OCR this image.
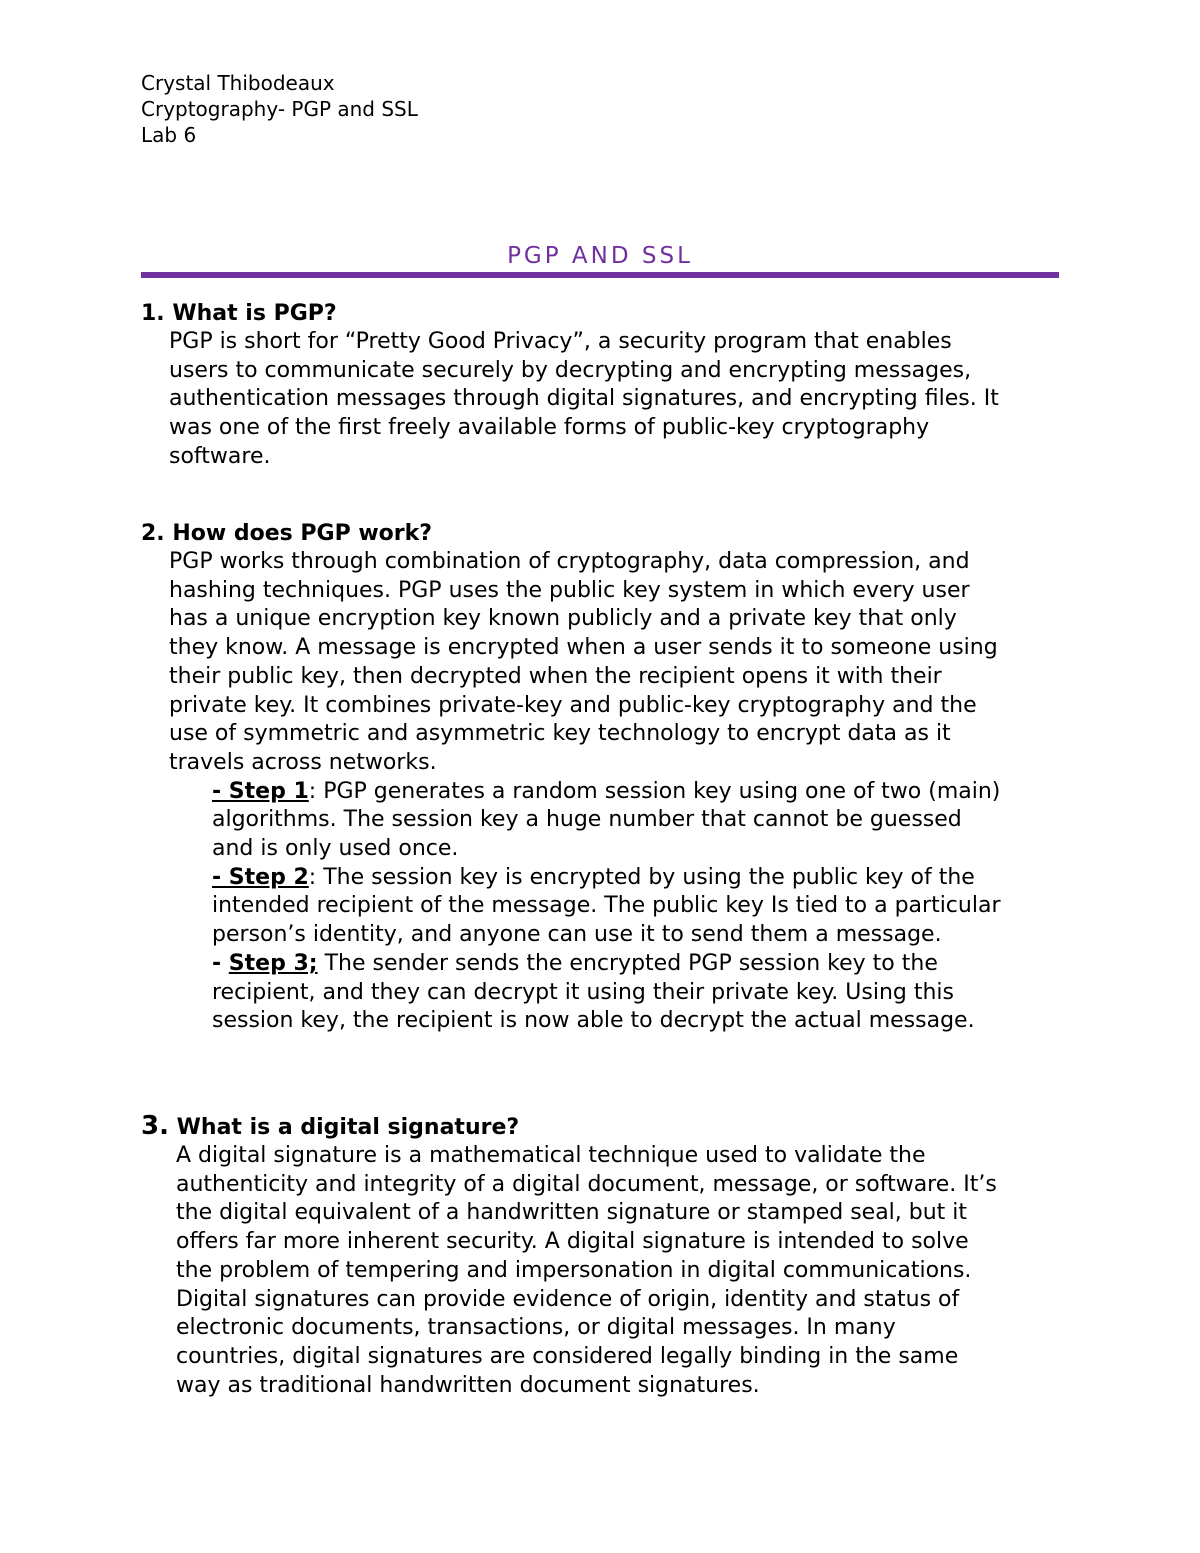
Crystal Thibodeaux
Cryptography- PGP and SSL
Lab 6
PGP AND SSL
1. What is PGP?
PGP is short for “Pretty Good Privacy”, a security program that enables
users to communicate securely by decrypting and encrypting messages,
authentication messages through digital signatures, and encrypting files. It
was one of the first freely available forms of public-key cryptography
software.
2. How does PGP work?
PGP works through combination of cryptography, data compression, and
hashing techniques. PGP uses the public key system in which every user
has a unique encryption key known publicly and a private key that only
they know. A message is encrypted when a user sends it to someone using
their public key, then decrypted when the recipient opens it with their
private key. It combines private-key and public-key cryptography and the
use of symmetric and asymmetric key technology to encrypt data as it
travels across networks.
- Step 1: PGP generates a random session key using one of two (main)
algorithms. The session key a huge number that cannot be guessed
and is only used once.
- Step 2: The session key is encrypted by using the public key of the
intended recipient of the message. The public key Is tied to a particular
person’s identity, and anyone can use it to send them a message.
- Step 3; The sender sends the encrypted PGP session key to the
recipient, and they can decrypt it using their private key. Using this
session key, the recipient is now able to decrypt the actual message.
3. What is a digital signature?
A digital signature is a mathematical technique used to validate the
authenticity and integrity of a digital document, message, or software. It’s
the digital equivalent of a handwritten signature or stamped seal, but it
offers far more inherent security. A digital signature is intended to solve
the problem of tempering and impersonation in digital communications.
Digital signatures can provide evidence of origin, identity and status of
electronic documents, transactions, or digital messages. In many
countries, digital signatures are considered legally binding in the same
way as traditional handwritten document signatures.
